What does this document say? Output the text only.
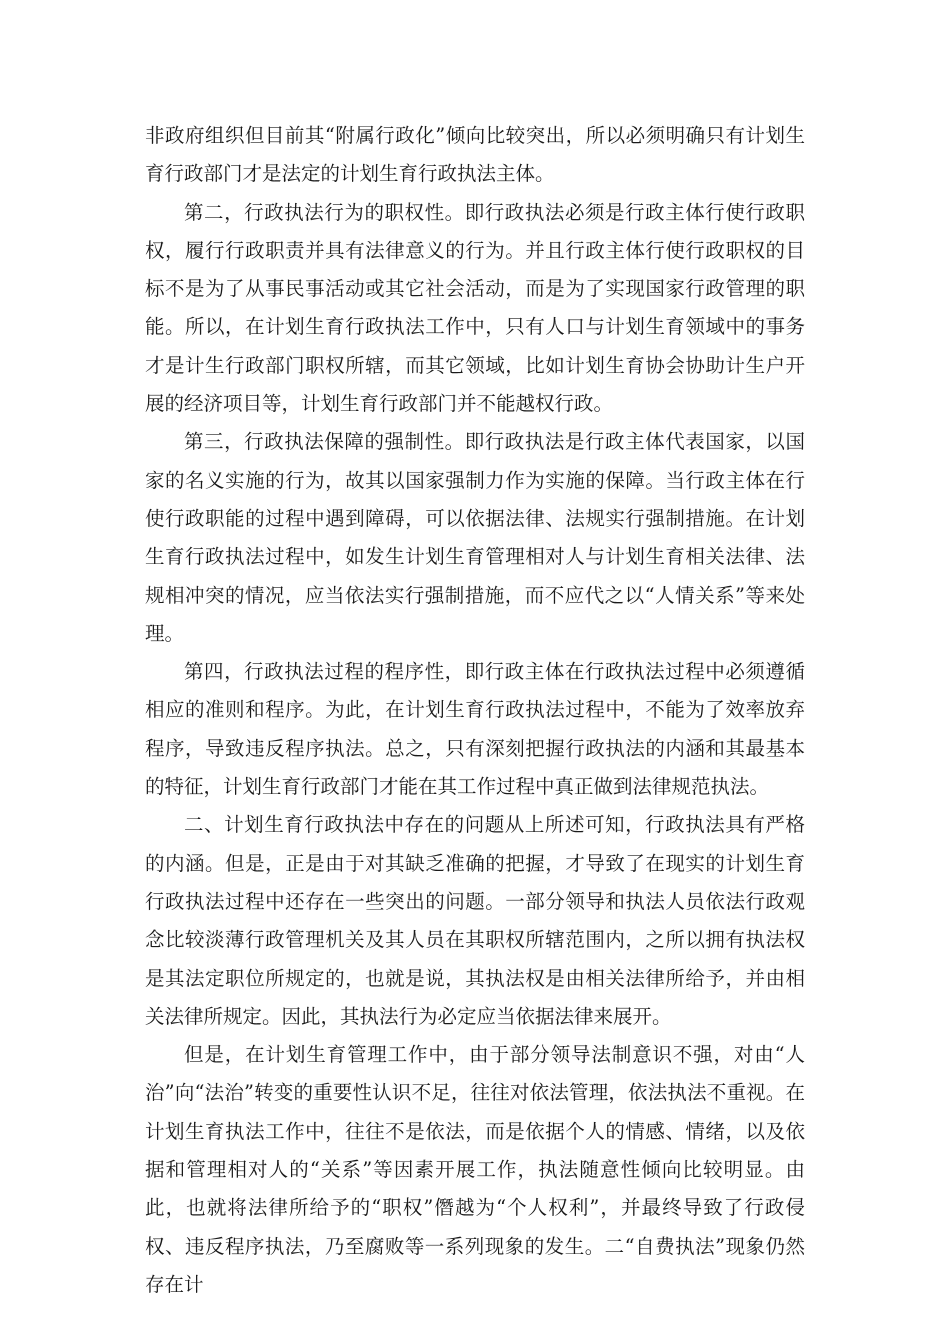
非政府组织但目前其“附属行政化”倾向比较突出，所以必须明确只有计划生育行政部门才是法定的计划生育行政执法主体。

第二，行政执法行为的职权性。即行政执法必须是行政主体行使行政职权，履行行政职责并具有法律意义的行为。并且行政主体行使行政职权的目标不是为了从事民事活动或其它社会活动，而是为了实现国家行政管理的职能。所以，在计划生育行政执法工作中，只有人口与计划生育领域中的事务才是计生行政部门职权所辖，而其它领域，比如计划生育协会协助计生户开展的经济项目等，计划生育行政部门并不能越权行政。

第三，行政执法保障的强制性。即行政执法是行政主体代表国家，以国家的名义实施的行为，故其以国家强制力作为实施的保障。当行政主体在行使行政职能的过程中遇到障碍，可以依据法律、法规实行强制措施。在计划生育行政执法过程中，如发生计划生育管理相对人与计划生育相关法律、法规相冲突的情况，应当依法实行强制措施，而不应代之以“人情关系”等来处理。

第四，行政执法过程的程序性，即行政主体在行政执法过程中必须遵循相应的准则和程序。为此，在计划生育行政执法过程中，不能为了效率放弃程序，导致违反程序执法。总之，只有深刻把握行政执法的内涵和其最基本的特征，计划生育行政部门才能在其工作过程中真正做到法律规范执法。

二、计划生育行政执法中存在的问题从上所述可知，行政执法具有严格的内涵。但是，正是由于对其缺乏准确的把握，才导致了在现实的计划生育行政执法过程中还存在一些突出的问题。一部分领导和执法人员依法行政观念比较淡薄行政管理机关及其人员在其职权所辖范围内，之所以拥有执法权是其法定职位所规定的，也就是说，其执法权是由相关法律所给予，并由相关法律所规定。因此，其执法行为必定应当依据法律来展开。

但是，在计划生育管理工作中，由于部分领导法制意识不强，对由“人治”向“法治”转变的重要性认识不足，往往对依法管理，依法执法不重视。在计划生育执法工作中，往往不是依法，而是依据个人的情感、情绪，以及依据和管理相对人的“关系”等因素开展工作，执法随意性倾向比较明显。由此，也就将法律所给予的“职权”僭越为“个人权利”，并最终导致了行政侵权、违反程序执法，乃至腐败等一系列现象的发生。二“自费执法”现象仍然存在计
